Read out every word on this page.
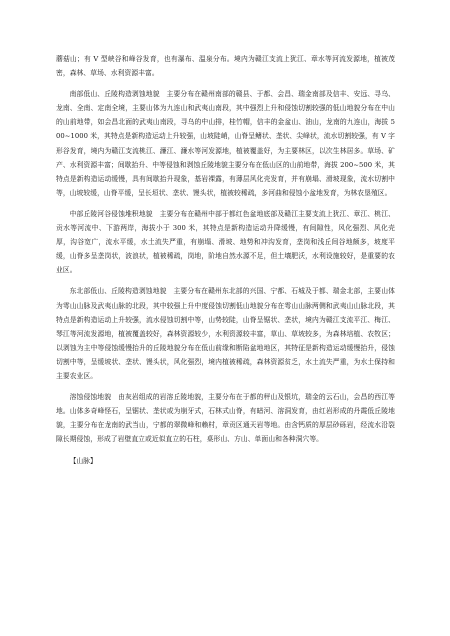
蘑菇山；有 V 型峡谷和峰谷发育，也有瀑布、温泉分布。境内为赣江支流上犹江、章水等河流发源地，植被茂密，森林、草场、水利资源丰富。

南部低山、丘陵构造剥蚀地貌　主要分布在赣州南部的赣县、于都、会昌、瑞金南部及信丰、安远、寻乌、龙南、全南、定南全境，主要山体为九连山和武夷山南段，其中强烈上升和侵蚀切割较强的低山地貌分布在中山的山前地带，如会昌北面的武夷山南段，寻乌的中山排，桂竹帽，信丰的金盆山、油山，龙南的九连山，海拔 500~1000 米，其特点是新构造运动上升较强，山坡陡峭，山脊呈鳍状、垄状、尖峰状，流水切割较强，有 V 字形谷发育，境内为赣江支流桃江、濂江、濂水等河发源地，植被覆盖好，为主要林区，以次生林居多。草场、矿产、水利资源丰富；间歇抬升、中等侵蚀和剥蚀丘陵地貌主要分布在低山区的山前地带，海拔 200~500 米，其特点是新构造运动缓慢，具有间歇抬升现象，基岩裸露，有薄层风化壳发育，并有崩塌、滑坡现象，流水切割中等，山坡较缓，山脊平缓，呈长垣状、垄状、馒头状，植被较稀疏，多河曲和侵蚀小盆地发育，为林农垦殖区。

中部丘陵河谷侵蚀堆积地貌　主要分布在赣州中部于都红色盆地底部及赣江主要支流上犹江、章江、桃江、贡水等河流中、下游两岸，海拔小于 300 米，其特点是新构造运动升降缓慢，有间隙性，风化强烈、风化壳厚，沟谷宽广，流水平缓，水土流失严重，有崩塌、滑坡、地势和冲沟发育，垄岗和浅丘间谷地颇多，坡度平缓，山脊多呈垄岗状，波浪状，植被稀疏，岗地，阶地自然水源不足，但土壤肥沃，水利设施较好，是重要的农业区。

东北部低山、丘陵构造剥蚀地貌　主要分布在赣州东北部的兴国、宁都、石城及于都、瑞金北部，主要山体为雩山山脉及武夷山脉的北段，其中较强上升中度侵蚀切割低山地貌分布在雩山山脉两侧和武夷山山脉北段，其特点是新构造运动上升较强，流水侵蚀切割中等，山势较陡，山脊呈锯状、垄状，境内为赣江支流平江、梅江、琴江等河流发源地，植被覆盖较好，森林资源较少，水利资源较丰富，草山、草坡较多，为森林培植、农牧区；以剥蚀为主中等侵蚀缓慢抬升的丘陵地貌分布在低山前缘和断陷盆地地区，其特征是新构造运动缓慢抬升，侵蚀切割中等，呈缓坡状、垄状、馒头状，风化强烈，境内植被稀疏，森林资源贫乏，水土流失严重，为水土保持和主要农业区。

溶蚀侵蚀地貌　由灰岩组成的岩溶丘陵地貌，主要分布在于都的秤山及银坑，瑞金的云石山，会昌的西江等地。山体多奇峰怪石，呈锯状、垄状或为崩牙式，石林式山脊，有暗河、溶洞发育，由红岩形成的丹霞低丘陵地貌，主要分布在龙南的武当山，宁都的翠微峰和赖村，章贡区通天岩等地。由含钙质的厚层砂砾岩，经流水沿裂隙长期侵蚀，形成了岩壁直立或近似直立的石柱，桌形山、方山、单面山和各种洞穴等。

【山脉】
